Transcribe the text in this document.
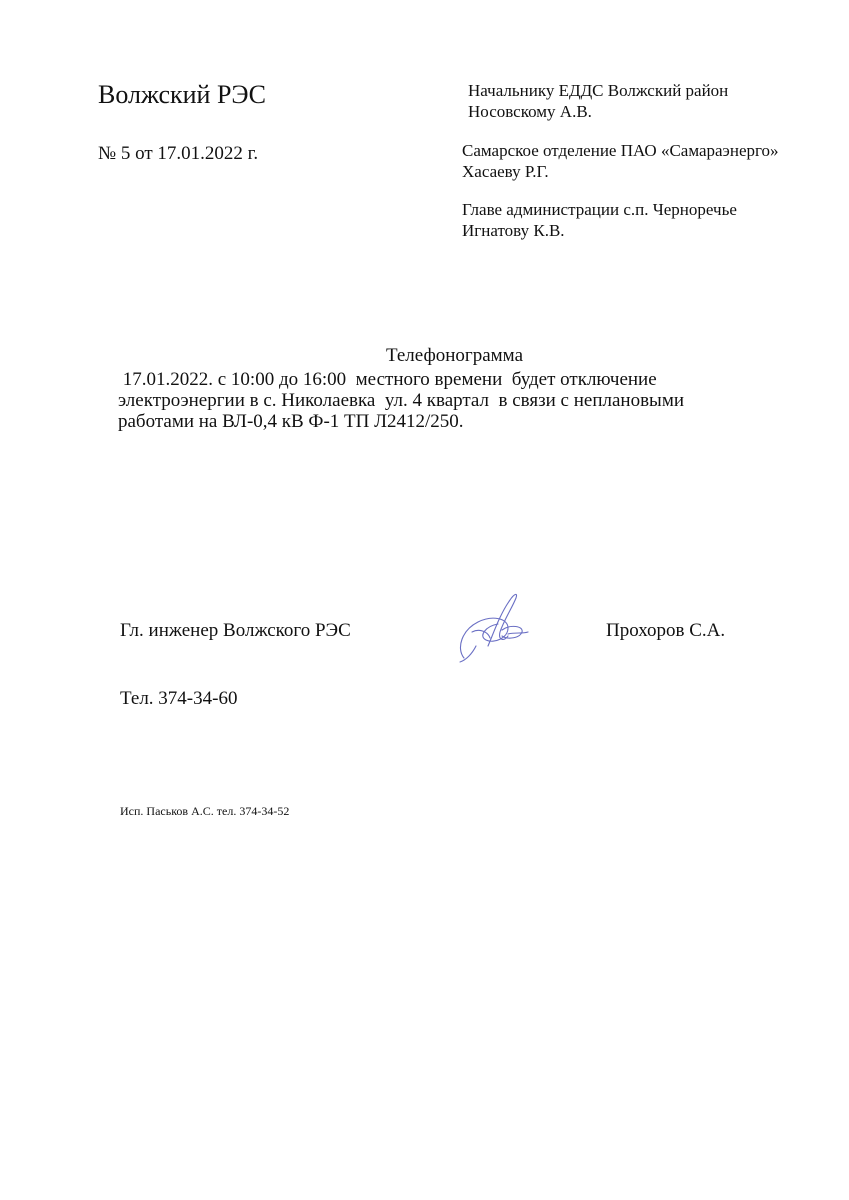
Волжский РЭС
№ 5 от 17.01.2022 г.
Начальнику ЕДДС Волжский район
Носовскому А.В.
Самарское отделение ПАО «Самараэнерго»
Хасаеву Р.Г.
Главе администрации с.п. Черноречье
Игнатову К.В.
Телефонограмма
17.01.2022. с 10:00 до 16:00  местного времени  будет отключение
электроэнергии в с. Николаевка  ул. 4 квартал  в связи с неплановыми
работами на ВЛ-0,4 кВ Ф-1 ТП Л2412/250.
Гл. инженер Волжского РЭС	Прохоров С.А.
Тел. 374-34-60
Исп. Паськов А.С. тел. 374-34-52
